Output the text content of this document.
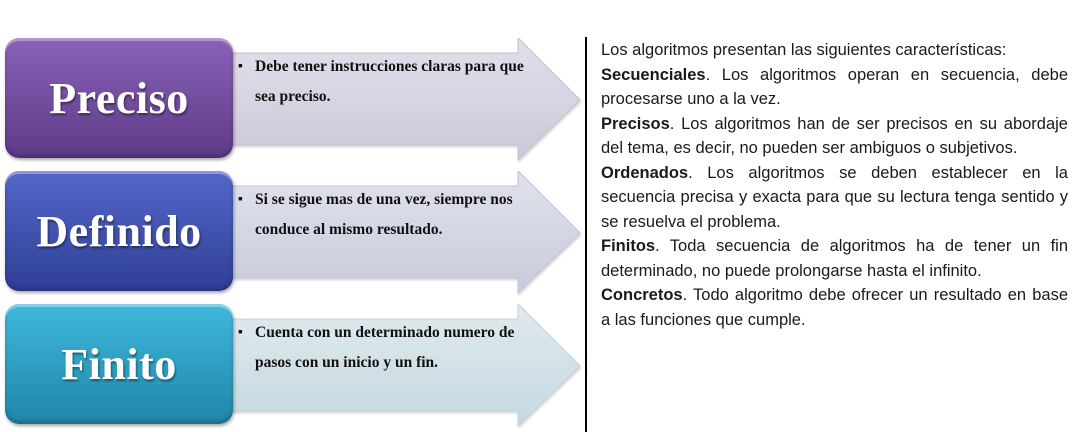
Preciso
▪ Debe tener instrucciones claras para que sea preciso.
Definido
▪ Si se sigue mas de una vez, siempre nos conduce al mismo resultado.
Finito
▪ Cuenta con un determinado numero de pasos con un inicio y un fin.

Los algoritmos presentan las siguientes características:

Secuenciales. Los algoritmos operan en secuencia, debe procesarse uno a la vez.

Precisos. Los algoritmos han de ser precisos en su abordaje del tema, es decir, no pueden ser ambiguos o subjetivos.

Ordenados. Los algoritmos se deben establecer en la secuencia precisa y exacta para que su lectura tenga sentido y se resuelva el problema.

Finitos. Toda secuencia de algoritmos ha de tener un fin determinado, no puede prolongarse hasta el infinito.

Concretos. Todo algoritmo debe ofrecer un resultado en base a las funciones que cumple.
